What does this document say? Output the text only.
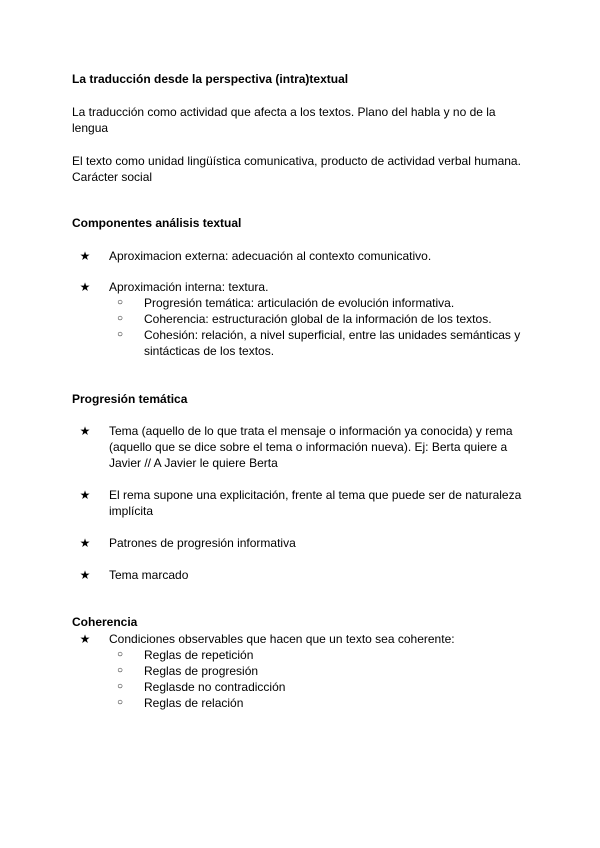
La traducción desde la perspectiva (intra)textual
La traducción como actividad que afecta a los textos. Plano del habla y no de la
lengua
El texto como unidad lingüística comunicativa, producto de actividad verbal humana.
Carácter social
Componentes análisis textual
★ Aproximacion externa: adecuación al contexto comunicativo.
★ Aproximación interna: textura.
○ Progresión temática: articulación de evolución informativa.
○ Coherencia: estructuración global de la información de los textos.
○ Cohesión: relación, a nivel superficial, entre las unidades semánticas y
sintácticas de los textos.
Progresión temática
★ Tema (aquello de lo que trata el mensaje o información ya conocida) y rema
(aquello que se dice sobre el tema o información nueva). Ej: Berta quiere a
Javier // A Javier le quiere Berta
★ El rema supone una explicitación, frente al tema que puede ser de naturaleza
implícita
★ Patrones de progresión informativa
★ Tema marcado
Coherencia
★ Condiciones observables que hacen que un texto sea coherente:
○ Reglas de repetición
○ Reglas de progresión
○ Reglasde no contradicción
○ Reglas de relación
